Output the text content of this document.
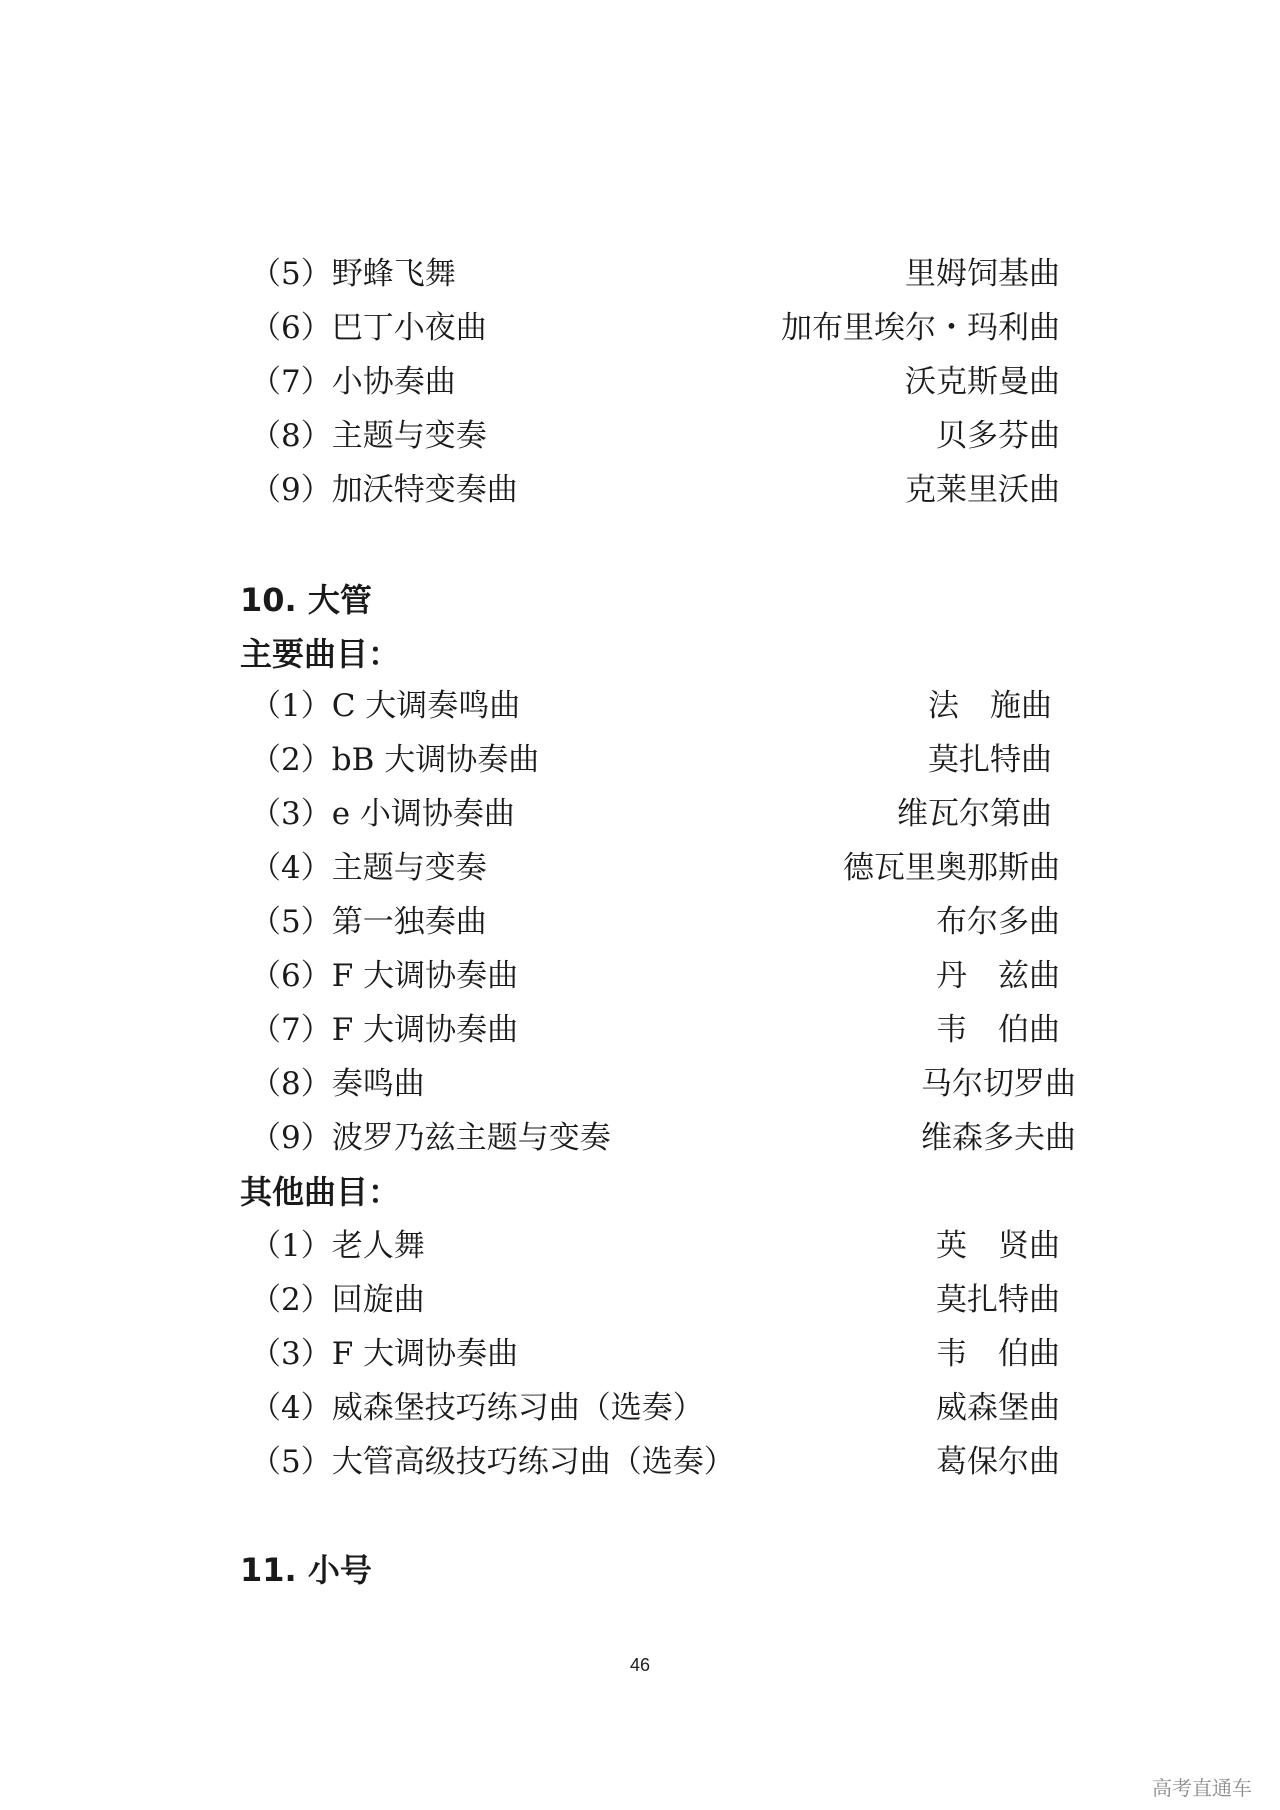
（5）野蜂飞舞	里姆饲基曲
（6）巴丁小夜曲	加布里埃尔・玛利曲
（7）小协奏曲	沃克斯曼曲
（8）主题与变奏	贝多芬曲
（9）加沃特变奏曲	克莱里沃曲
10. 大管
主要曲目：
（1）C 大调奏鸣曲	法　施曲
（2）bB 大调协奏曲	莫扎特曲
（3）e 小调协奏曲	维瓦尔第曲
（4）主题与变奏	德瓦里奥那斯曲
（5）第一独奏曲	布尔多曲
（6）F 大调协奏曲	丹　兹曲
（7）F 大调协奏曲	韦　伯曲
（8）奏鸣曲	马尔切罗曲
（9）波罗乃兹主题与变奏	维森多夫曲
其他曲目：
（1）老人舞	英　贤曲
（2）回旋曲	莫扎特曲
（3）F 大调协奏曲	韦　伯曲
（4）威森堡技巧练习曲（选奏）	威森堡曲
（5）大管高级技巧练习曲（选奏）	葛保尔曲
11. 小号
46
高考直通车
